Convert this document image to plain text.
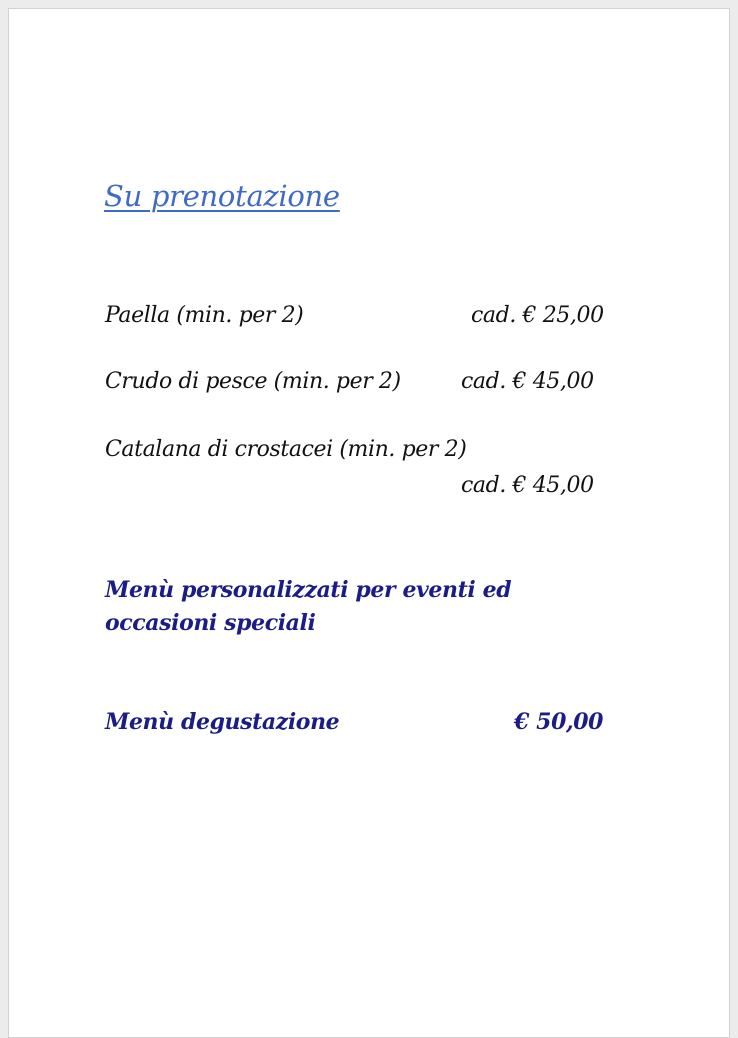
Su prenotazione
Paella (min. per 2)	cad. € 25,00
Crudo di pesce (min. per 2)	cad. € 45,00
Catalana di crostacei (min. per 2)
cad. € 45,00
Menù personalizzati per eventi ed occasioni speciali
Menù degustazione	€ 50,00
